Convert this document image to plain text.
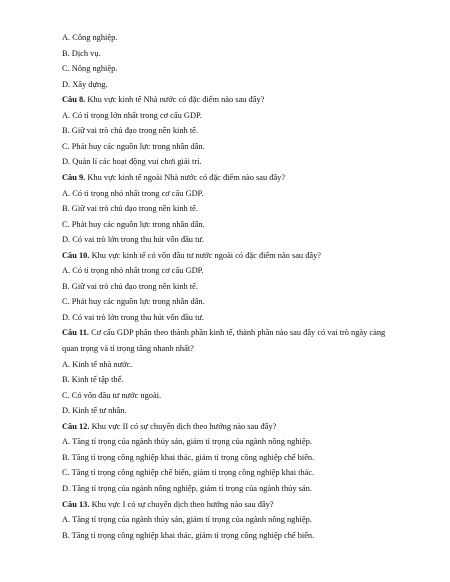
A. Công nghiệp.
B. Dịch vụ.
C. Nông nghiệp.
D. Xây dựng.
Câu 8. Khu vực kinh tế Nhà nước có đặc điểm nào sau đây?
A. Có tỉ trọng lớn nhất trong cơ cấu GDP.
B. Giữ vai trò chủ đạo trong nền kinh tế.
C. Phát huy các nguồn lực trong nhân dân.
D. Quản lí các hoạt động vui chơi giải trí.
Câu 9. Khu vực kinh tế ngoài Nhà nước có đặc điểm nào sau đây?
A. Có tỉ trọng nhỏ nhất trong cơ cấu GDP.
B. Giữ vai trò chủ đạo trong nền kinh tế.
C. Phát huy các nguồn lực trong nhân dân.
D. Có vai trò lớn trong thu hút vốn đầu tư.
Câu 10. Khu vực kinh tế có vốn đầu tư nước ngoài có đặc điểm nào sau đây?
A. Có tỉ trọng nhỏ nhất trong cơ cấu GDP.
B. Giữ vai trò chủ đạo trong nền kinh tế.
C. Phát huy các nguồn lực trong nhân dân.
D. Có vai trò lớn trong thu hút vốn đầu tư.
Câu 11. Cơ cấu GDP phân theo thành phần kinh tế, thành phần nào sau đây có vai trò ngày càng
quan trọng và tỉ trọng tăng nhanh nhất?
A. Kinh tế nhà nước.
B. Kinh tế tập thể.
C. Có vốn đầu tư nước ngoài.
D. Kinh tế tư nhân.
Câu 12. Khu vực II có sự chuyển dịch theo hướng nào sau đây?
A. Tăng tỉ trọng của ngành thủy sản, giảm tỉ trọng của ngành nông nghiệp.
B. Tăng tỉ trọng công nghiệp khai thác, giảm tỉ trọng công nghiệp chế biến.
C. Tăng tỉ trọng công nghiệp chế biến, giảm tỉ trọng công nghiệp khai thác.
D. Tăng tỉ trọng của ngành nông nghiệp, giảm tỉ trọng của ngành thủy sản.
Câu 13. Khu vực I có sự chuyển dịch theo hướng nào sau đây?
A. Tăng tỉ trọng của ngành thủy sản, giảm tỉ trọng của ngành nông nghiệp.
B. Tăng tỉ trọng công nghiệp khai thác, giảm tỉ trọng công nghiệp chế biến.
